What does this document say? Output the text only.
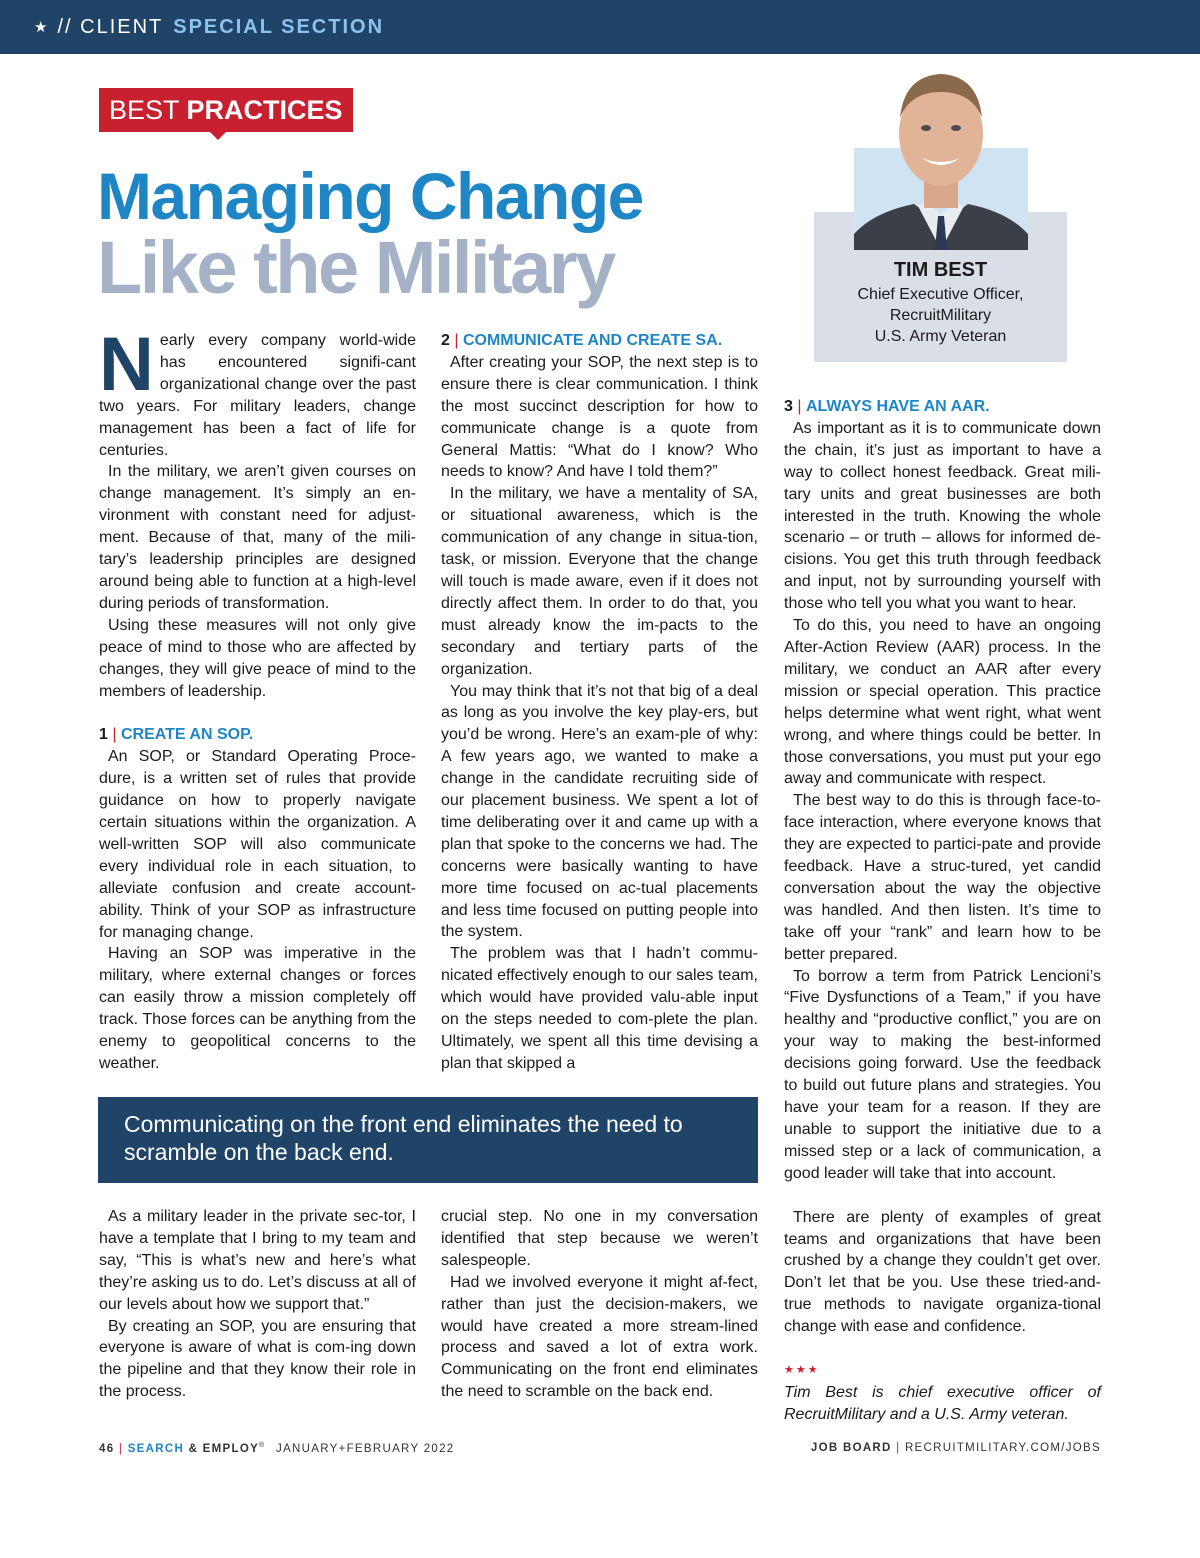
★ // CLIENT SPECIAL SECTION
BEST PRACTICES
Managing Change
Like the Military	TIM BEST
Chief Executive Officer,
RecruitMilitary
U.S. Army Veteran

Nearly every company world-wide has encountered signifi-cant organizational change over the past two years. For military leaders, change management has been a fact of life for centuries.

In the military, we aren’t given courses on change management. It’s simply an en-vironment with constant need for adjust-ment. Because of that, many of the mili-tary’s leadership principles are designed around being able to function at a high-level during periods of transformation.

Using these measures will not only give peace of mind to those who are affected by changes, they will give peace of mind to the members of leadership.

1 | CREATE AN SOP.

An SOP, or Standard Operating Proce-dure, is a written set of rules that provide guidance on how to properly navigate certain situations within the organization. A well-written SOP will also communicate every individual role in each situation, to alleviate confusion and create account-ability. Think of your SOP as infrastructure for managing change.

Having an SOP was imperative in the military, where external changes or forces can easily throw a mission completely off track. Those forces can be anything from the enemy to geopolitical concerns to the weather.

2 | COMMUNICATE AND CREATE SA.

After creating your SOP, the next step is to ensure there is clear communication. I think the most succinct description for how to communicate change is a quote from General Mattis: “What do I know? Who needs to know? And have I told them?”

In the military, we have a mentality of SA, or situational awareness, which is the communication of any change in situa-tion, task, or mission. Everyone that the change will touch is made aware, even if it does not directly affect them. In order to do that, you must already know the im-pacts to the secondary and tertiary parts of the organization.

You may think that it’s not that big of a deal as long as you involve the key play-ers, but you’d be wrong. Here’s an exam-ple of why: A few years ago, we wanted to make a change in the candidate recruiting side of our placement business. We spent a lot of time deliberating over it and came up with a plan that spoke to the concerns we had. The concerns were basically wanting to have more time focused on ac-tual placements and less time focused on putting people into the system.

The problem was that I hadn’t commu-nicated effectively enough to our sales team, which would have provided valu-able input on the steps needed to com-plete the plan. Ultimately, we spent all this time devising a plan that skipped a

3 | ALWAYS HAVE AN AAR.

As important as it is to communicate down the chain, it’s just as important to have a way to collect honest feedback. Great mili-tary units and great businesses are both interested in the truth. Knowing the whole scenario – or truth – allows for informed de-cisions. You get this truth through feedback and input, not by surrounding yourself with those who tell you what you want to hear.

To do this, you need to have an ongoing After-Action Review (AAR) process. In the military, we conduct an AAR after every mission or special operation. This practice helps determine what went right, what went wrong, and where things could be better. In those conversations, you must put your ego away and communicate with respect.

The best way to do this is through face-to-face interaction, where everyone knows that they are expected to partici-pate and provide feedback. Have a struc-tured, yet candid conversation about the way the objective was handled. And then listen. It’s time to take off your “rank” and learn how to be better prepared.

To borrow a term from Patrick Lencioni’s “Five Dysfunctions of a Team,” if you have healthy and “productive conflict,” you are on your way to making the best-informed decisions going forward. Use the feedback to build out future plans and strategies. You have your team for a reason. If they are unable to support the initiative due to a missed step or a lack of communication, a good leader will take that into account.

There are plenty of examples of great teams and organizations that have been crushed by a change they couldn’t get over. Don’t let that be you. Use these tried-and-true methods to navigate organiza-tional change with ease and confidence.

★★★

Tim Best is chief executive officer of RecruitMilitary and a U.S. Army veteran.

Communicating on the front end eliminates the need to scramble on the back end.

As a military leader in the private sec-tor, I have a template that I bring to my team and say, “This is what’s new and here’s what they’re asking us to do. Let’s discuss at all of our levels about how we support that.”

By creating an SOP, you are ensuring that everyone is aware of what is com-ing down the pipeline and that they know their role in the process.

crucial step. No one in my conversation identified that step because we weren’t salespeople.

Had we involved everyone it might af-fect, rather than just the decision-makers, we would have created a more stream-lined process and saved a lot of extra work. Communicating on the front end eliminates the need to scramble on the back end.

46 | SEARCH & EMPLOY® JANUARY+FEBRUARY 2022	JOB BOARD | RECRUITMILITARY.COM/JOBS
